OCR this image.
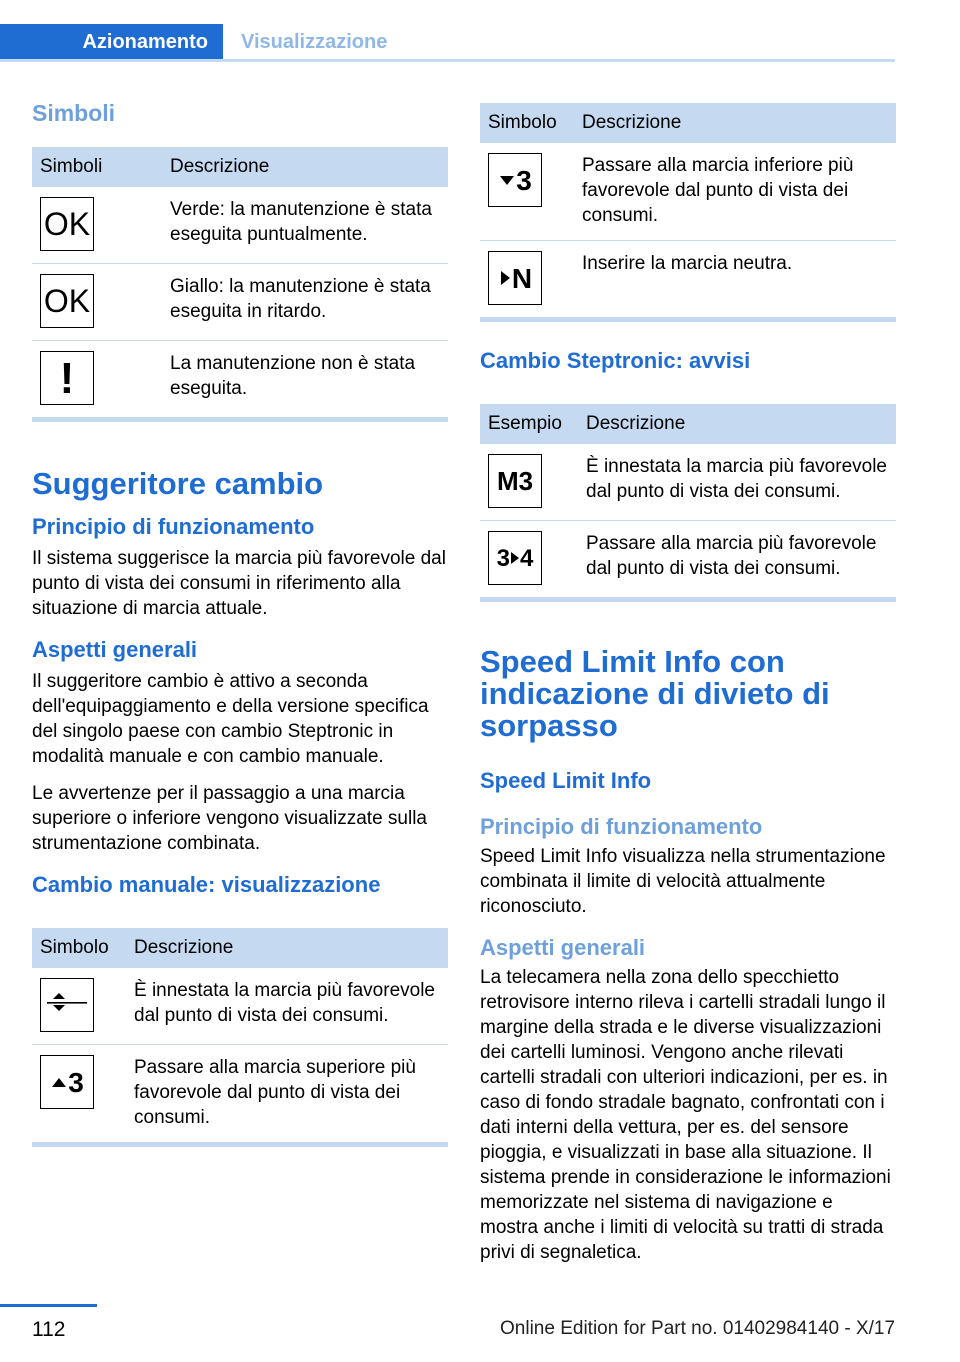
Azionamento	Visualizzazione
Simboli
Simboli	Descrizione

OK	Verde: la manutenzione è stata eseguita puntualmente.

OK	Giallo: la manutenzione è stata eseguita in ritardo.

!	La manutenzione non è stata eseguita.
Suggeritore cambio
Principio di funzionamento

Il sistema suggerisce la marcia più favorevole dal punto di vista dei consumi in riferimento alla situazione di marcia attuale.

Aspetti generali

Il suggeritore cambio è attivo a seconda dell'equipaggiamento e della versione specifica del singolo paese con cambio Steptronic in modalità manuale e con cambio manuale.

Le avvertenze per il passaggio a una marcia superiore o inferiore vengono visualizzate sulla strumentazione combinata.

Cambio manuale: visualizzazione
Simbolo	Descrizione

	È innestata la marcia più favorevole dal punto di vista dei consumi.

3	Passare alla marcia superiore più favorevole dal punto di vista dei consumi.
Simbolo	Descrizione

3	Passare alla marcia inferiore più favorevole dal punto di vista dei consumi.

N	Inserire la marcia neutra.
Cambio Steptronic: avvisi
Esempio	Descrizione

M3	È innestata la marcia più favorevole dal punto di vista dei consumi.

3 4	Passare alla marcia più favorevole dal punto di vista dei consumi.
Speed Limit Info con indicazione di divieto di sorpasso
Speed Limit Info
Principio di funzionamento

Speed Limit Info visualizza nella strumentazione combinata il limite di velocità attualmente riconosciuto.

Aspetti generali

La telecamera nella zona dello specchietto retrovisore interno rileva i cartelli stradali lungo il margine della strada e le diverse visualizzazioni dei cartelli luminosi. Vengono anche rilevati cartelli stradali con ulteriori indicazioni, per es. in caso di fondo stradale bagnato, confrontati con i dati interni della vettura, per es. del sensore pioggia, e visualizzati in base alla situazione. Il sistema prende in considerazione le informazioni memorizzate nel sistema di navigazione e mostra anche i limiti di velocità su tratti di strada privi di segnaletica.

112	Online Edition for Part no. 01402984140 - X/17
